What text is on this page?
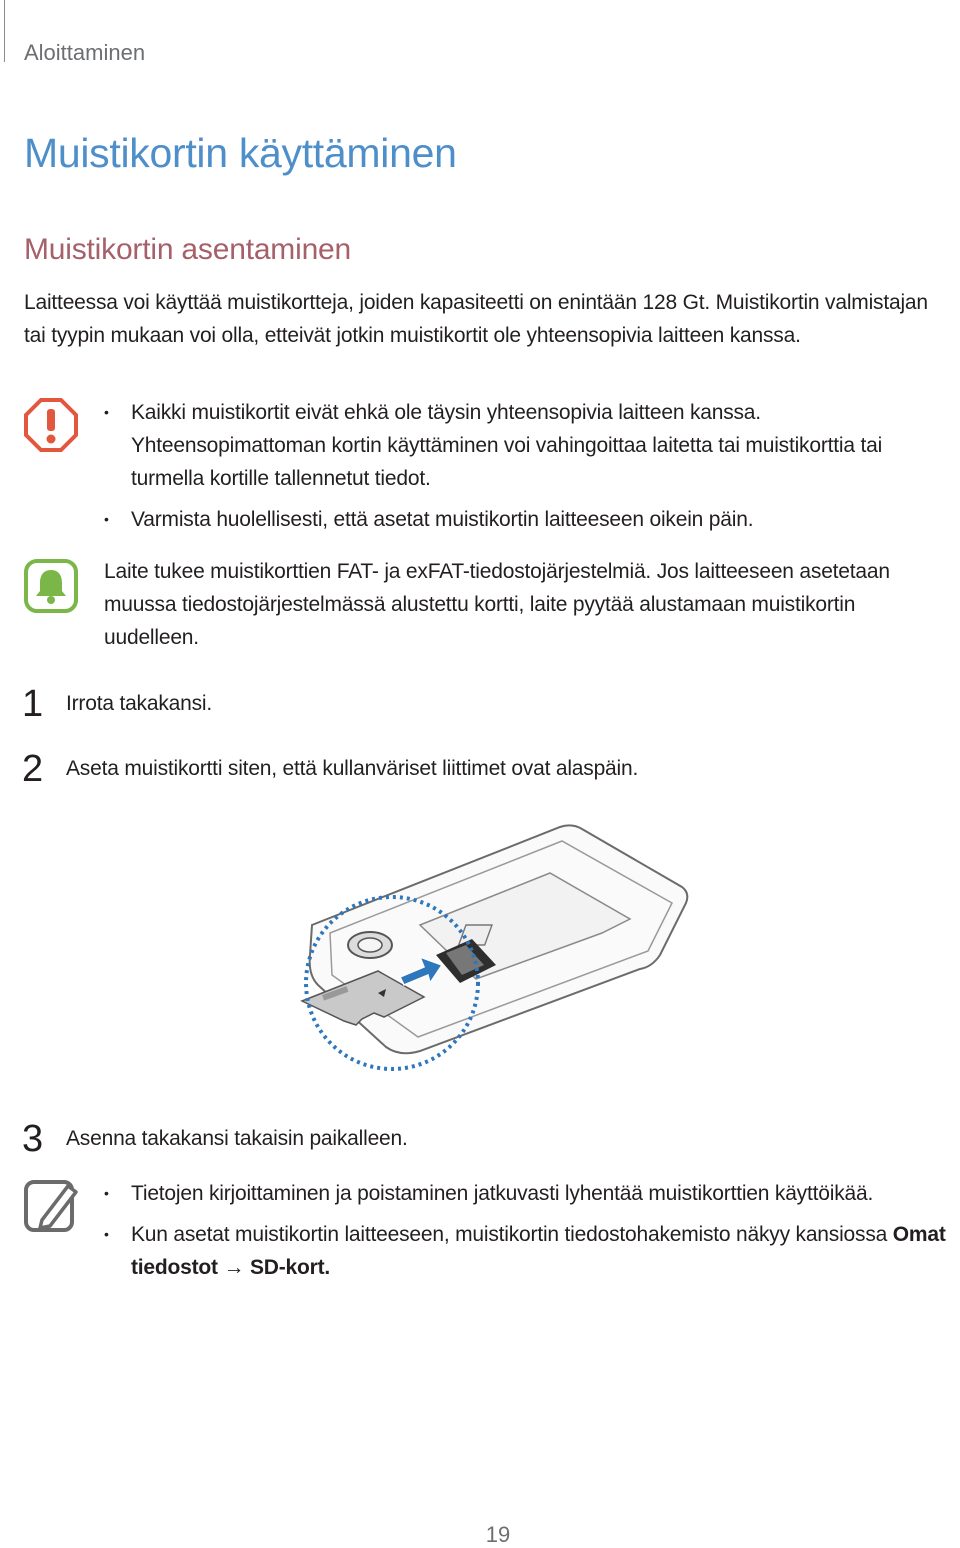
Aloittaminen
Muistikortin käyttäminen
Muistikortin asentaminen

Laitteessa voi käyttää muistikortteja, joiden kapasiteetti on enintään 128 Gt. Muistikortin valmistajan tai tyypin mukaan voi olla, etteivät jotkin muistikortit ole yhteensopivia laitteen kanssa.

• Kaikki muistikortit eivät ehkä ole täysin yhteensopivia laitteen kanssa. Yhteensopimattoman kortin käyttäminen voi vahingoittaa laitetta tai muistikorttia tai turmella kortille tallennetut tiedot.
• Varmista huolellisesti, että asetat muistikortin laitteeseen oikein päin.

Laite tukee muistikorttien FAT- ja exFAT-tiedostojärjestelmiä. Jos laitteeseen asetetaan muussa tiedostojärjestelmässä alustettu kortti, laite pyytää alustamaan muistikortin uudelleen.

1 Irrota takakansi.
2 Aseta muistikortti siten, että kullanväriset liittimet ovat alaspäin.
3 Asenna takakansi takaisin paikalleen.
• Tietojen kirjoittaminen ja poistaminen jatkuvasti lyhentää muistikorttien käyttöikää.
• Kun asetat muistikortin laitteeseen, muistikortin tiedostohakemisto näkyy kansiossa Omat tiedostot → SD-kort.
19
